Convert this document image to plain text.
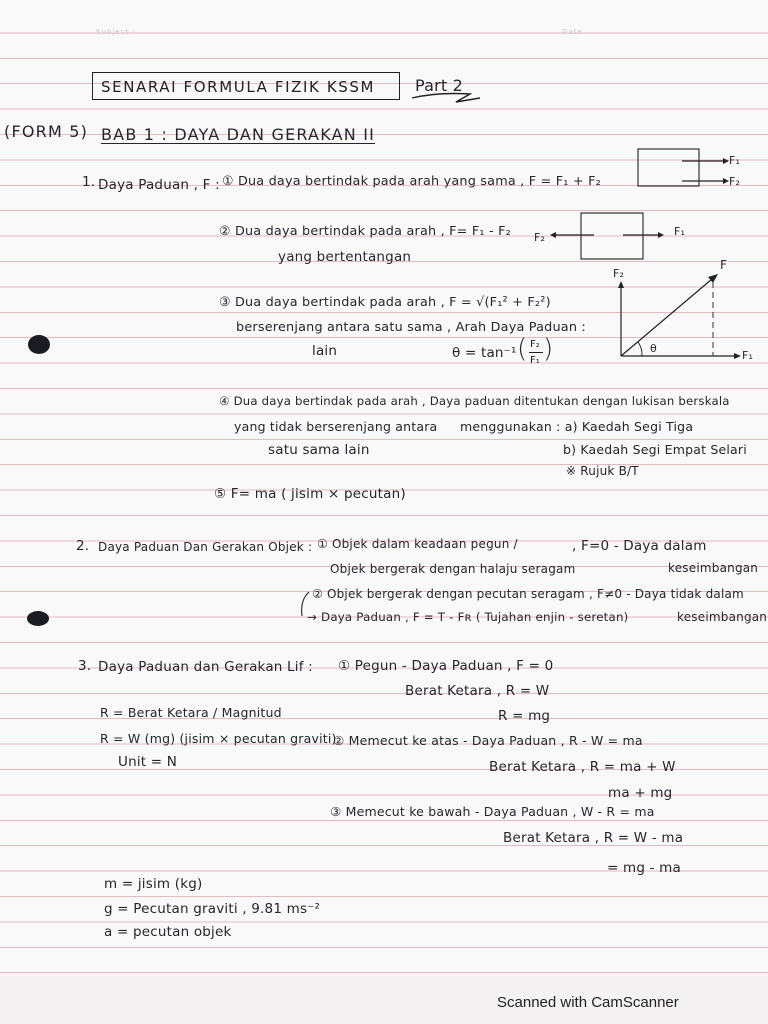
Subject :	Date
SENARAI FORMULA FIZIK KSSM Part 2
(FORM 5) BAB 1 : DAYA DAN GERAKAN II
1. Daya Paduan , F : ① Dua daya bertindak pada arah yang sama , F = F₁ + F₂
② Dua daya bertindak pada arah , F= F₁ - F₂
yang bertentangan
③ Dua daya bertindak pada arah , F = √(F₁² + F₂²)
berserenjang antara satu sama , Arah Daya Paduan :
lain	θ = tan⁻¹ ( F₂
F₁ )
④ Dua daya bertindak pada arah , Daya paduan ditentukan dengan lukisan berskala
yang tidak berserenjang antara menggunakan : a) Kaedah Segi Tiga
satu sama lain	b) Kaedah Segi Empat Selari
※ Rujuk B/T
⑤ F= ma ( jisim × pecutan)
F₁
F₂
F₂	F₁
F₂
F
F₁
θ
2. Daya Paduan Dan Gerakan Objek : ① Objek dalam keadaan pegun /	, F=0 - Daya dalam
Objek bergerak dengan halaju seragam	keseimbangan
② Objek bergerak dengan pecutan seragam , F≠0 - Daya tidak dalam
→ Daya Paduan , F = T - Fʀ ( Tujahan enjin - seretan)	keseimbangan
3. Daya Paduan dan Gerakan Lif : ① Pegun - Daya Paduan , F = 0
Berat Ketara , R = W
R = mg
R = Berat Ketara / Magnitud
R = W (mg) (jisim × pecutan graviti)
Unit = N
② Memecut ke atas - Daya Paduan , R - W = ma
Berat Ketara , R = ma + W
ma + mg
③ Memecut ke bawah - Daya Paduan , W - R = ma
Berat Ketara , R = W - ma
= mg - ma
m = jisim (kg)
g = Pecutan graviti , 9.81 ms⁻²
a = pecutan objek
Scanned with CamScanner
